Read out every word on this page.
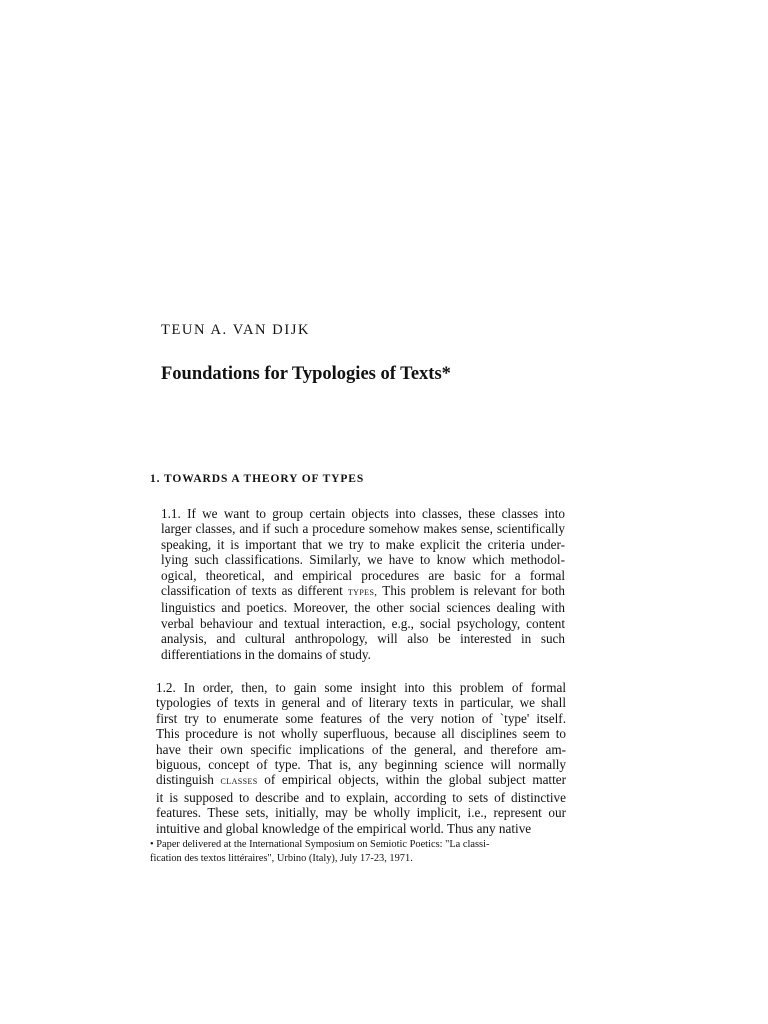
TEUN A. VAN DIJK
Foundations for Typologies of Texts*
1. TOWARDS A THEORY OF TYPES
1.1. If we want to group certain objects into classes, these classes into
larger classes, and if such a procedure somehow makes sense, scientifically
speaking, it is important that we try to make explicit the criteria under-
lying such classifications. Similarly, we have to know which methodol-
ogical, theoretical, and empirical procedures are basic for a formal
classification of texts as different types, This problem is relevant for both
linguistics and poetics. Moreover, the other social sciences dealing with
verbal behaviour and textual interaction, e.g., social psychology, content
analysis, and cultural anthropology, will also be interested in such
differentiations in the domains of study.
1.2. In order, then, to gain some insight into this problem of formal
typologies of texts in general and of literary texts in particular, we shall
first try to enumerate some features of the very notion of `type' itself.
This procedure is not wholly superfluous, because all disciplines seem to
have their own specific implications of the general, and therefore am-
biguous, concept of type. That is, any beginning science will normally
distinguish classes of empirical objects, within the global subject matter
it is supposed to describe and to explain, according to sets of distinctive
features. These sets, initially, may be wholly implicit, i.e., represent our
intuitive and global knowledge of the empirical world. Thus any native
• Paper delivered at the International Symposium on Semiotic Poetics: "La classi-
fication des textos littéraires", Urbino (Italy), July 17-23, 1971.
